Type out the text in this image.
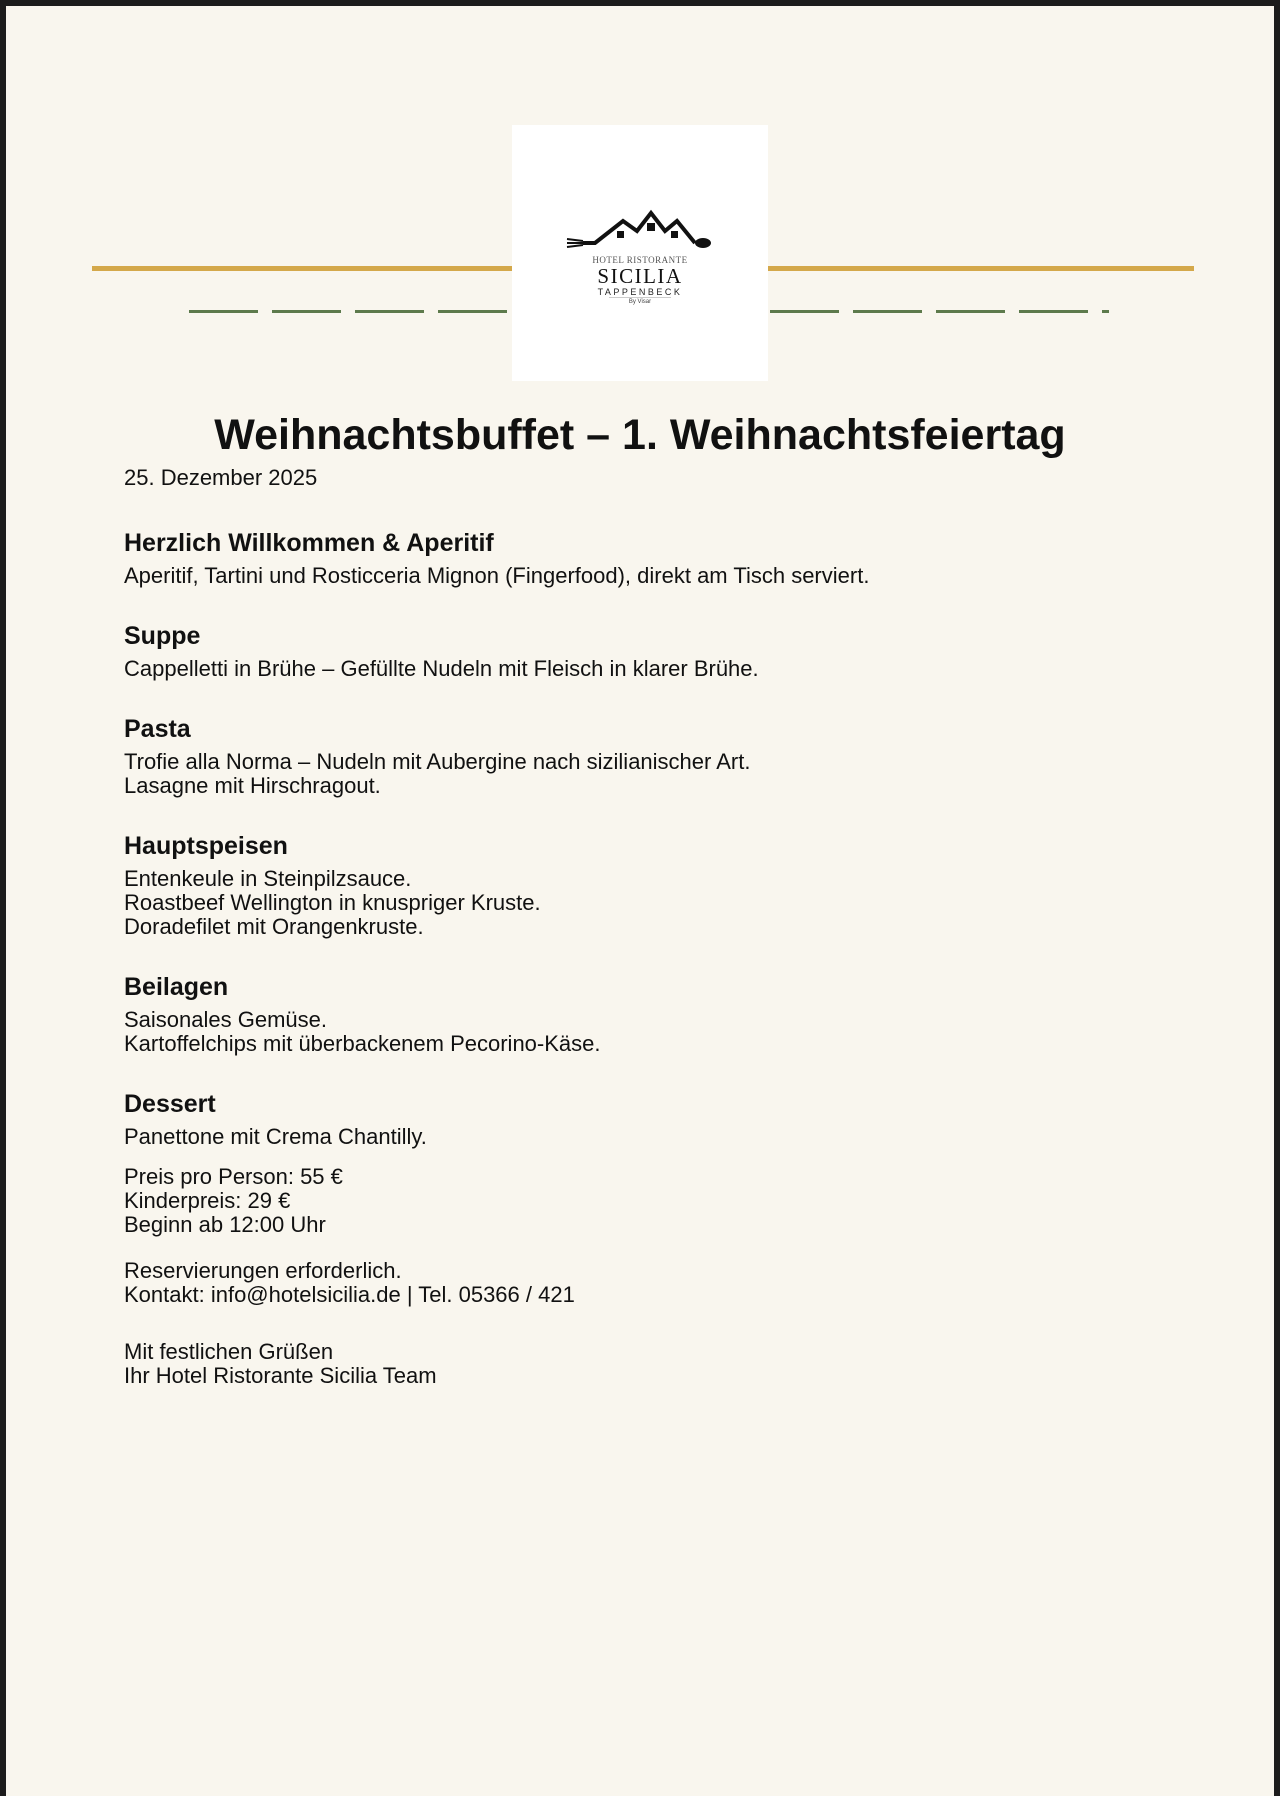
HOTEL RISTORANTE
SICILIA
TAPPENBECK
By Visar
Weihnachtsbuffet – 1. Weihnachtsfeiertag
25. Dezember 2025
Herzlich Willkommen & Aperitif
Aperitif, Tartini und Rosticceria Mignon (Fingerfood), direkt am Tisch serviert.
Suppe
Cappelletti in Brühe – Gefüllte Nudeln mit Fleisch in klarer Brühe.
Pasta
Trofie alla Norma – Nudeln mit Aubergine nach sizilianischer Art.
Lasagne mit Hirschragout.
Hauptspeisen
Entenkeule in Steinpilzsauce.
Roastbeef Wellington in knuspriger Kruste.
Doradefilet mit Orangenkruste.
Beilagen
Saisonales Gemüse.
Kartoffelchips mit überbackenem Pecorino-Käse.
Dessert
Panettone mit Crema Chantilly.
Preis pro Person: 55 €
Kinderpreis: 29 €
Beginn ab 12:00 Uhr
Reservierungen erforderlich.
Kontakt: info@hotelsicilia.de | Tel. 05366 / 421
Mit festlichen Grüßen
Ihr Hotel Ristorante Sicilia Team
